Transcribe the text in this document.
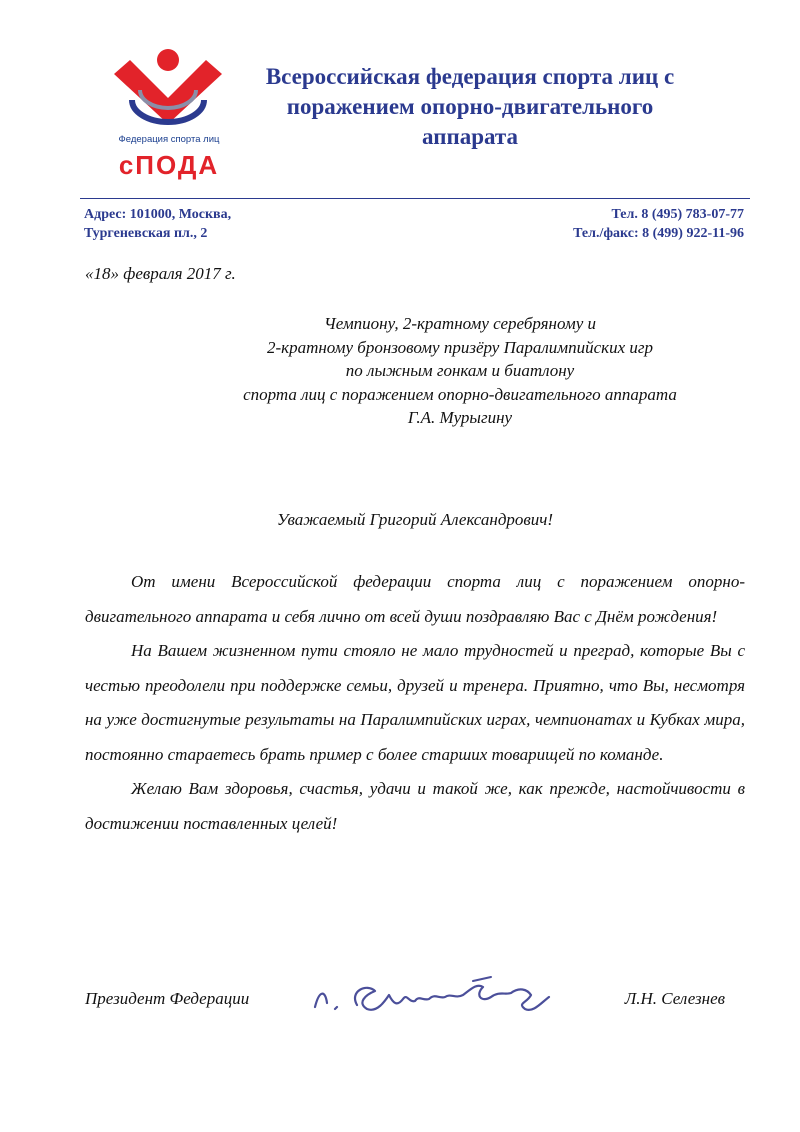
Федерация спорта лиц
сПОДА
Всероссийская федерация спорта лиц с поражением опорно-двигательного аппарата
Адрес: 101000, Москва,
Тургеневская пл., 2
Тел. 8 (495) 783-07-77
Тел./факс: 8 (499) 922-11-96

«18» февраля 2017 г.

Чемпиону, 2-кратному серебряному и
2-кратному бронзовому призёру Паралимпийских игр
по лыжным гонкам и биатлону
спорта лиц с поражением опорно-двигательного аппарата
Г.А. Мурыгину

Уважаемый Григорий Александрович!

От имени Всероссийской федерации спорта лиц с поражением опорно-двигательного аппарата и себя лично от всей души поздравляю Вас с Днём рождения!

На Вашем жизненном пути стояло не мало трудностей и преград, которые Вы с честью преодолели при поддержке семьи, друзей и тренера. Приятно, что Вы, несмотря на уже достигнутые результаты на Паралимпийских играх, чемпионатах и Кубках мира, постоянно стараетесь брать пример с более старших товарищей по команде.

Желаю Вам здоровья, счастья, удачи и такой же, как прежде, настойчивости в достижении поставленных целей!

Президент Федерации	Л.Н. Селезнев
